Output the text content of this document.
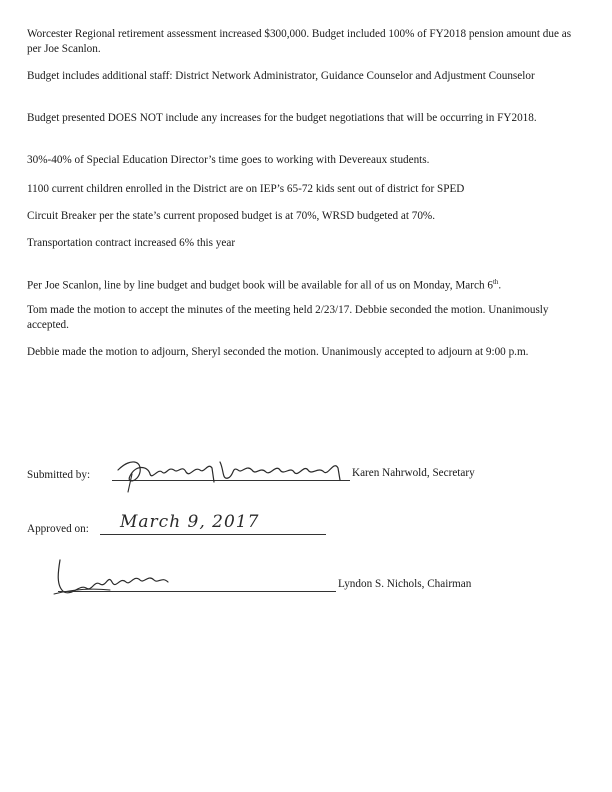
Worcester Regional retirement assessment increased $300,000. Budget included 100% of FY2018 pension amount due as per Joe Scanlon.

Budget includes additional staff: District Network Administrator, Guidance Counselor and Adjustment Counselor

Budget presented DOES NOT include any increases for the budget negotiations that will be occurring in FY2018.

30%-40% of Special Education Director’s time goes to working with Devereaux students.

1100 current children enrolled in the District are on IEP’s 65-72 kids sent out of district for SPED

Circuit Breaker per the state’s current proposed budget is at 70%, WRSD budgeted at 70%.

Transportation contract increased 6% this year

Per Joe Scanlon, line by line budget and budget book will be available for all of us on Monday, March 6th.

Tom made the motion to accept the minutes of the meeting held 2/23/17. Debbie seconded the motion. Unanimously accepted.

Debbie made the motion to adjourn, Sheryl seconded the motion. Unanimously accepted to adjourn at 9:00 p.m.

Submitted by:	Karen Nahrwold, Secretary
Approved on: March 9, 2017
Lyndon S. Nichols, Chairman
